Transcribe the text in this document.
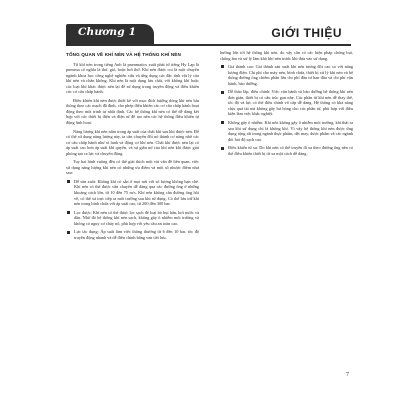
Chương 1	GIỚI THIỆU
TỔNG QUAN VỀ KHÍ NÉN VÀ HỆ THỐNG KHÍ NÉN

Từ khí nén trong tiếng Anh là pneumatics xuất phát từ tiếng Hy Lạp là pneuma có nghĩa là thở, gió, hoặc hơi thở. Khí nén được coi là một chuyên ngành khoa học công nghệ nghiên cứu và ứng dụng các đặc tính vật lý của khí nén và chân không. Khí nén là một dạng lưu chất, với không khí hoặc các loại khí khác được nén lại để sử dụng trong truyền động và điều khiển các cơ cấu chấp hành.

Điều khiển khí nén được thiết kế với mục đích hướng dòng khí nén lưu thông theo các mạch đã định, cho phép điều khiển các cơ cấu chấp hành hoạt động theo một trình tự nhất định. Các hệ thống khí nén có thể dễ dàng kết hợp với các thiết bị điện và điện tử để tạo nên các hệ thống điều khiển tự động linh hoạt.

Năng lượng khí nén nằm trong áp suất của chất khí sau khi được nén. Để có thể sử dụng năng lượng này, ta cần chuyển đổi nó thành cơ năng nhờ các cơ cấu chấp hành như xi lanh và động cơ khí nén. Chất khí được nén lại có áp suất cao hơn áp suất khí quyển, và sự giãn nở của khí nén khi được giải phóng tạo ra lực và chuyển động.

Tuy hai hình vuông đều có thể giải thích một vài vấn đề liên quan, việc sử dụng năng lượng khí nén có những ưu điểm và một số nhược điểm như sau:

Dễ sản xuất: Không khí có sẵn ở mọi nơi với số lượng không hạn chế. Khí nén có thể được vận chuyển dễ dàng qua các đường ống ở những khoảng cách lớn, từ 10 đến 75 m/s. Khí nén không cần đường ống hồi về, có thể xả trực tiếp ra môi trường sau khi sử dụng. Có thể lưu trữ khí nén trong bình chứa với áp suất cao, từ 200 đến 300 bar.
Lọc được: Khí nén có thể được lọc sạch để loại bỏ bụi bẩn, hơi nước và dầu. Nhờ đó hệ thống khí nén sạch, không gây ô nhiễm môi trường và không có nguy cơ cháy nổ, phù hợp với yêu cầu an toàn cao.
Lực tác dụng: Áp suất làm việc thông thường từ 6 đến 10 bar, tốc độ truyền động nhanh và dễ điều chỉnh bằng van tiết lưu.

hưởng lớn tới hệ thống khí nén, do vậy cần có các biện pháp chống bụi, chống ẩm và xử lý làm khô khí nén trước khi đưa vào sử dụng.

Giá thành cao: Giá thành sản xuất khí nén tương đối cao so với năng lượng điện. Chi phí cho máy nén, bình chứa, thiết bị xử lý khí nén và hệ thống đường ống chiếm phần lớn chi phí đầu tư ban đầu và chi phí vận hành, bảo dưỡng.
Dễ tháo lắp, điều chỉnh: Việc vận hành và bảo dưỡng hệ thống khí nén đơn giản, thiết bị có cấu trúc gọn nhẹ. Các phần tử khí nén dễ thay thế, tốc độ và lực có thể điều chỉnh vô cấp dễ dàng. Hệ thống có khả năng chịu quá tải mà không gây hư hỏng cho các phần tử, phù hợp với điều kiện làm việc khắc nghiệt.
Không gây ô nhiễm: Khí nén không gây ô nhiễm môi trường, khí thải ra sau khi sử dụng chỉ là không khí. Vì vậy hệ thống khí nén được ứng dụng rộng rãi trong ngành thực phẩm, dệt may, dược phẩm và các ngành đòi hỏi độ sạch cao.
Điều khiển từ xa: Do khí nén có thể truyền đi xa theo đường ống nên có thể điều khiển thiết bị từ xa một cách dễ dàng.
7
